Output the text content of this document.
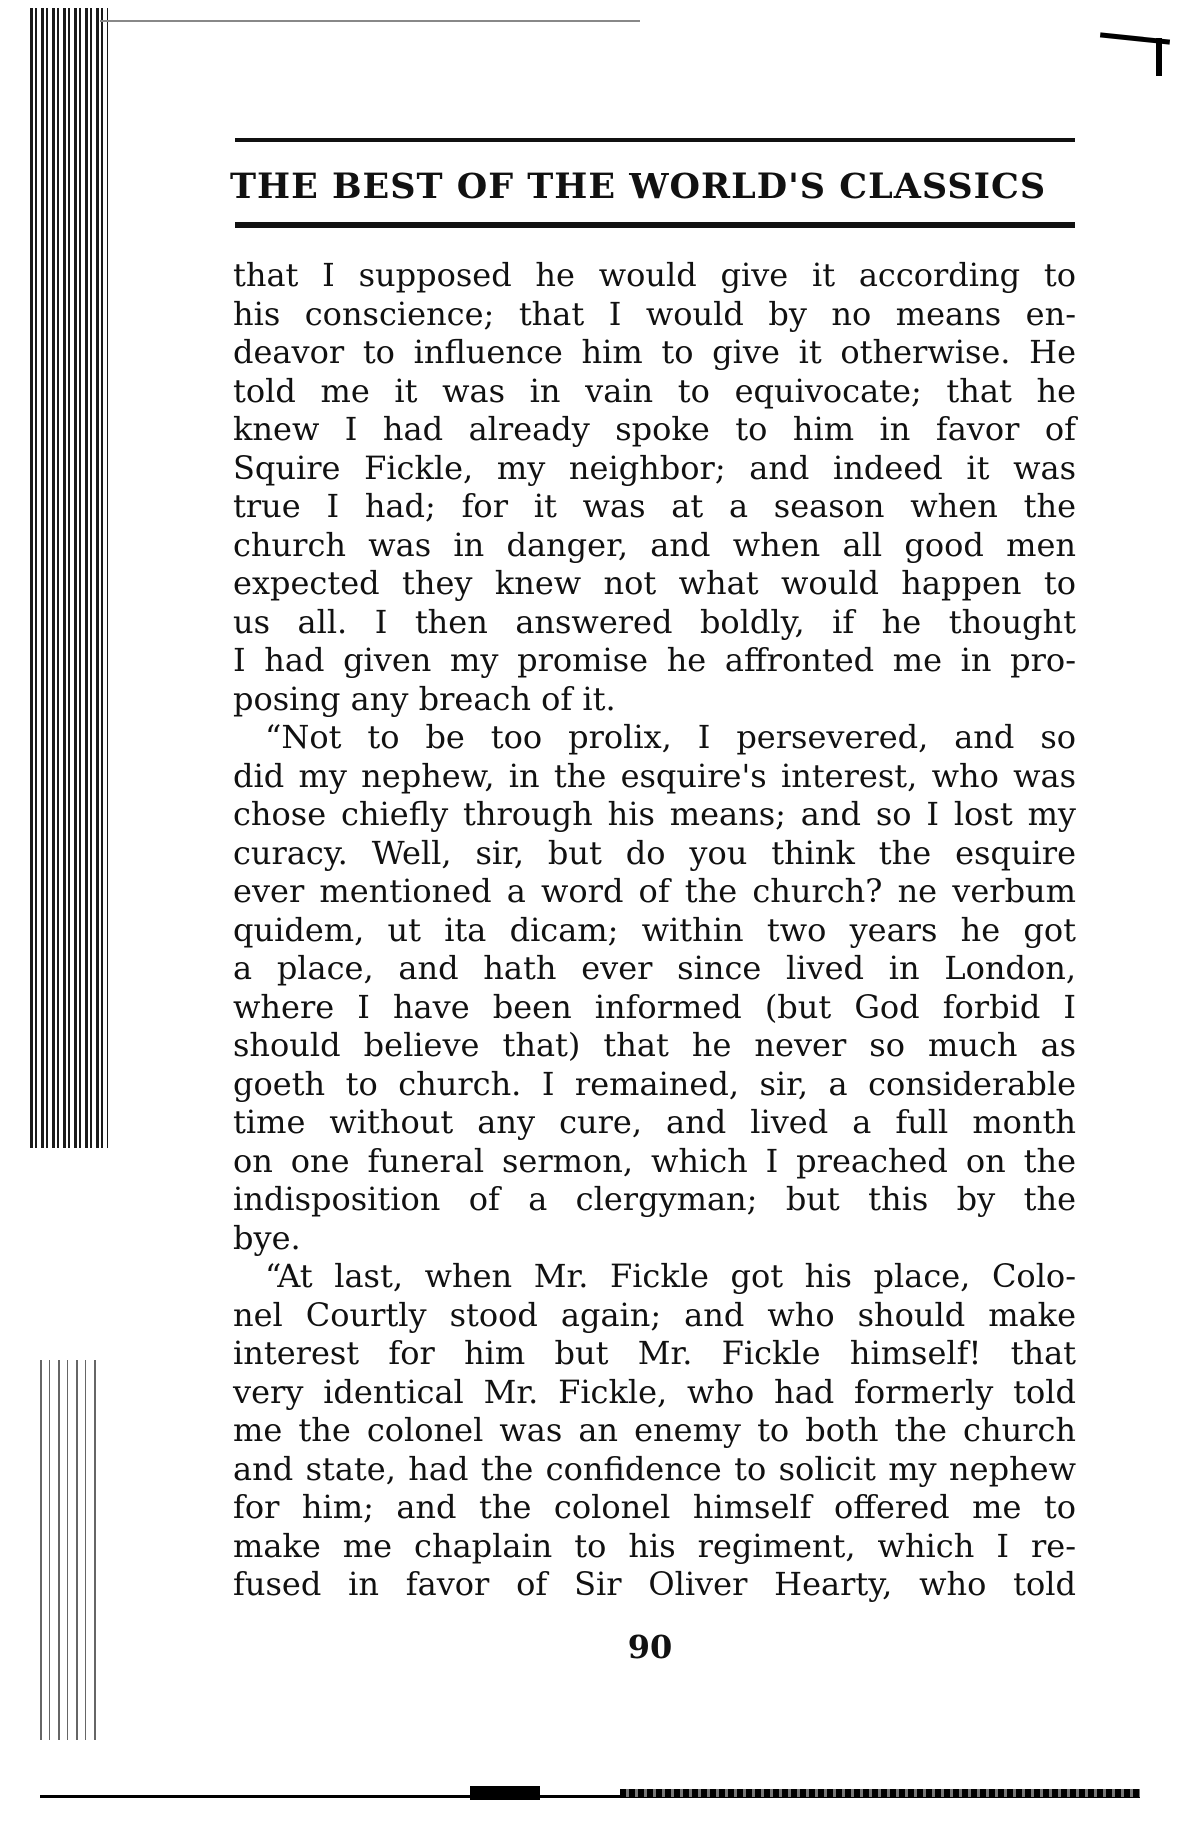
THE BEST OF THE WORLD'S CLASSICS
that I supposed he would give it according to
his conscience; that I would by no means en-
deavor to influence him to give it otherwise. He
told me it was in vain to equivocate; that he
knew I had already spoke to him in favor of
Squire Fickle, my neighbor; and indeed it was
true I had; for it was at a season when the
church was in danger, and when all good men
expected they knew not what would happen to
us all. I then answered boldly, if he thought
I had given my promise he affronted me in pro-
posing any breach of it.
“Not to be too prolix, I persevered, and so
did my nephew, in the esquire's interest, who was
chose chiefly through his means; and so I lost my
curacy. Well, sir, but do you think the esquire
ever mentioned a word of the church? ne verbum
quidem, ut ita dicam; within two years he got
a place, and hath ever since lived in London,
where I have been informed (but God forbid I
should believe that) that he never so much as
goeth to church. I remained, sir, a considerable
time without any cure, and lived a full month
on one funeral sermon, which I preached on the
indisposition of a clergyman; but this by the
bye.
“At last, when Mr. Fickle got his place, Colo-
nel Courtly stood again; and who should make
interest for him but Mr. Fickle himself! that
very identical Mr. Fickle, who had formerly told
me the colonel was an enemy to both the church
and state, had the confidence to solicit my nephew
for him; and the colonel himself offered me to
make me chaplain to his regiment, which I re-
fused in favor of Sir Oliver Hearty, who told
90
